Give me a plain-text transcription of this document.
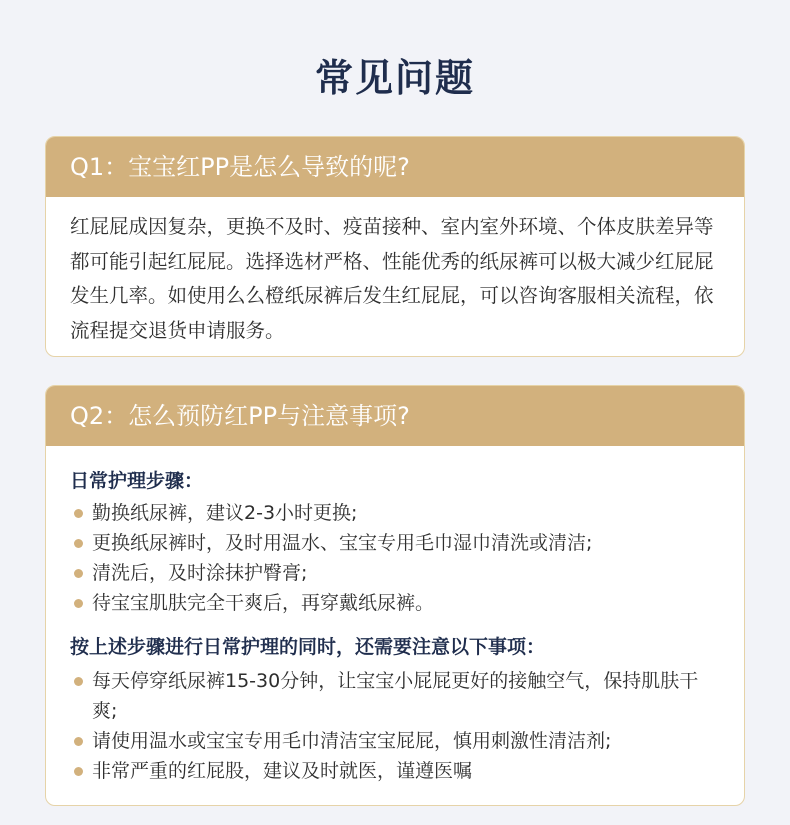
常见问题
Q1：宝宝红PP是怎么导致的呢?

红屁屁成因复杂，更换不及时、疫苗接种、室内室外环境、个体皮肤差异等都可能引起红屁屁。选择选材严格、性能优秀的纸尿裤可以极大减少红屁屁发生几率。如使用么么橙纸尿裤后发生红屁屁，可以咨询客服相关流程，依流程提交退货申请服务。

Q2：怎么预防红PP与注意事项?

日常护理步骤：

勤换纸尿裤，建议2-3小时更换;
更换纸尿裤时，及时用温水、宝宝专用毛巾湿巾清洗或清洁;
清洗后，及时涂抹护臀膏;
待宝宝肌肤完全干爽后，再穿戴纸尿裤。

按上述步骤进行日常护理的同时，还需要注意以下事项：

每天停穿纸尿裤15-30分钟，让宝宝小屁屁更好的接触空气，保持肌肤干爽;
请使用温水或宝宝专用毛巾清洁宝宝屁屁，慎用刺激性清洁剂;
非常严重的红屁股，建议及时就医，谨遵医嘱
